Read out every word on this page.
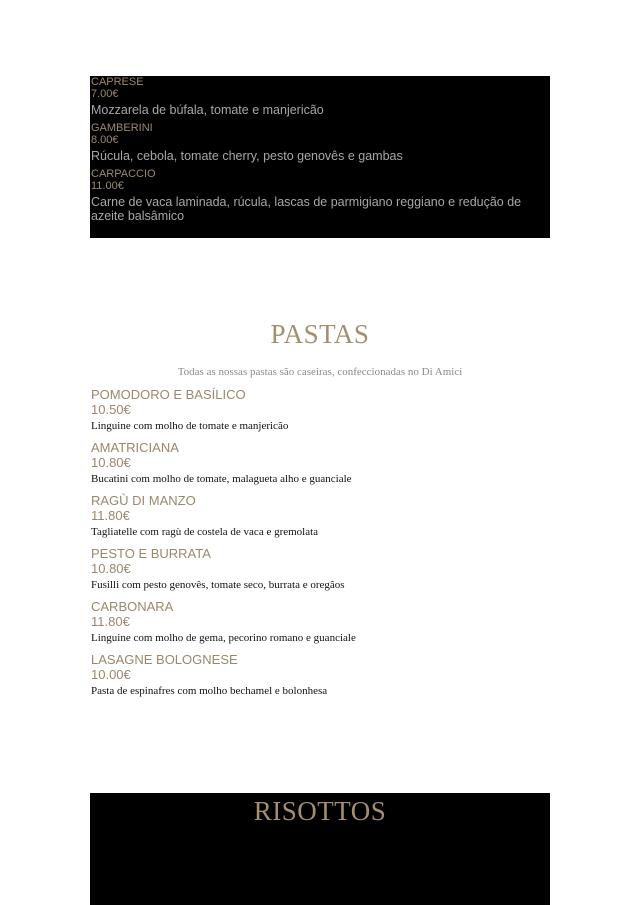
CAPRESE
7.00€
Mozzarela de búfala, tomate e manjericão
GAMBERINI
8.00€
Rúcula, cebola, tomate cherry, pesto genovês e gambas
CARPACCIO
11.00€
Carne de vaca laminada, rúcula, lascas de parmigiano reggiano e redução de azeite balsâmico
PASTAS
Todas as nossas pastas são caseiras, confeccionadas no Di Amici
POMODORO E BASÍLICO
10.50€
Linguine com molho de tomate e manjericão
AMATRICIANA
10.80€
Bucatini com molho de tomate, malagueta alho e guanciale
RAGÙ DI MANZO
11.80€
Tagliatelle com ragù de costela de vaca e gremolata
PESTO E BURRATA
10.80€
Fusilli com pesto genovês, tomate seco, burrata e oregãos
CARBONARA
11.80€
Linguine com molho de gema, pecorino romano e guanciale
LASAGNE BOLOGNESE
10.00€
Pasta de espinafres com molho bechamel e bolonhesa
RISOTTOS
